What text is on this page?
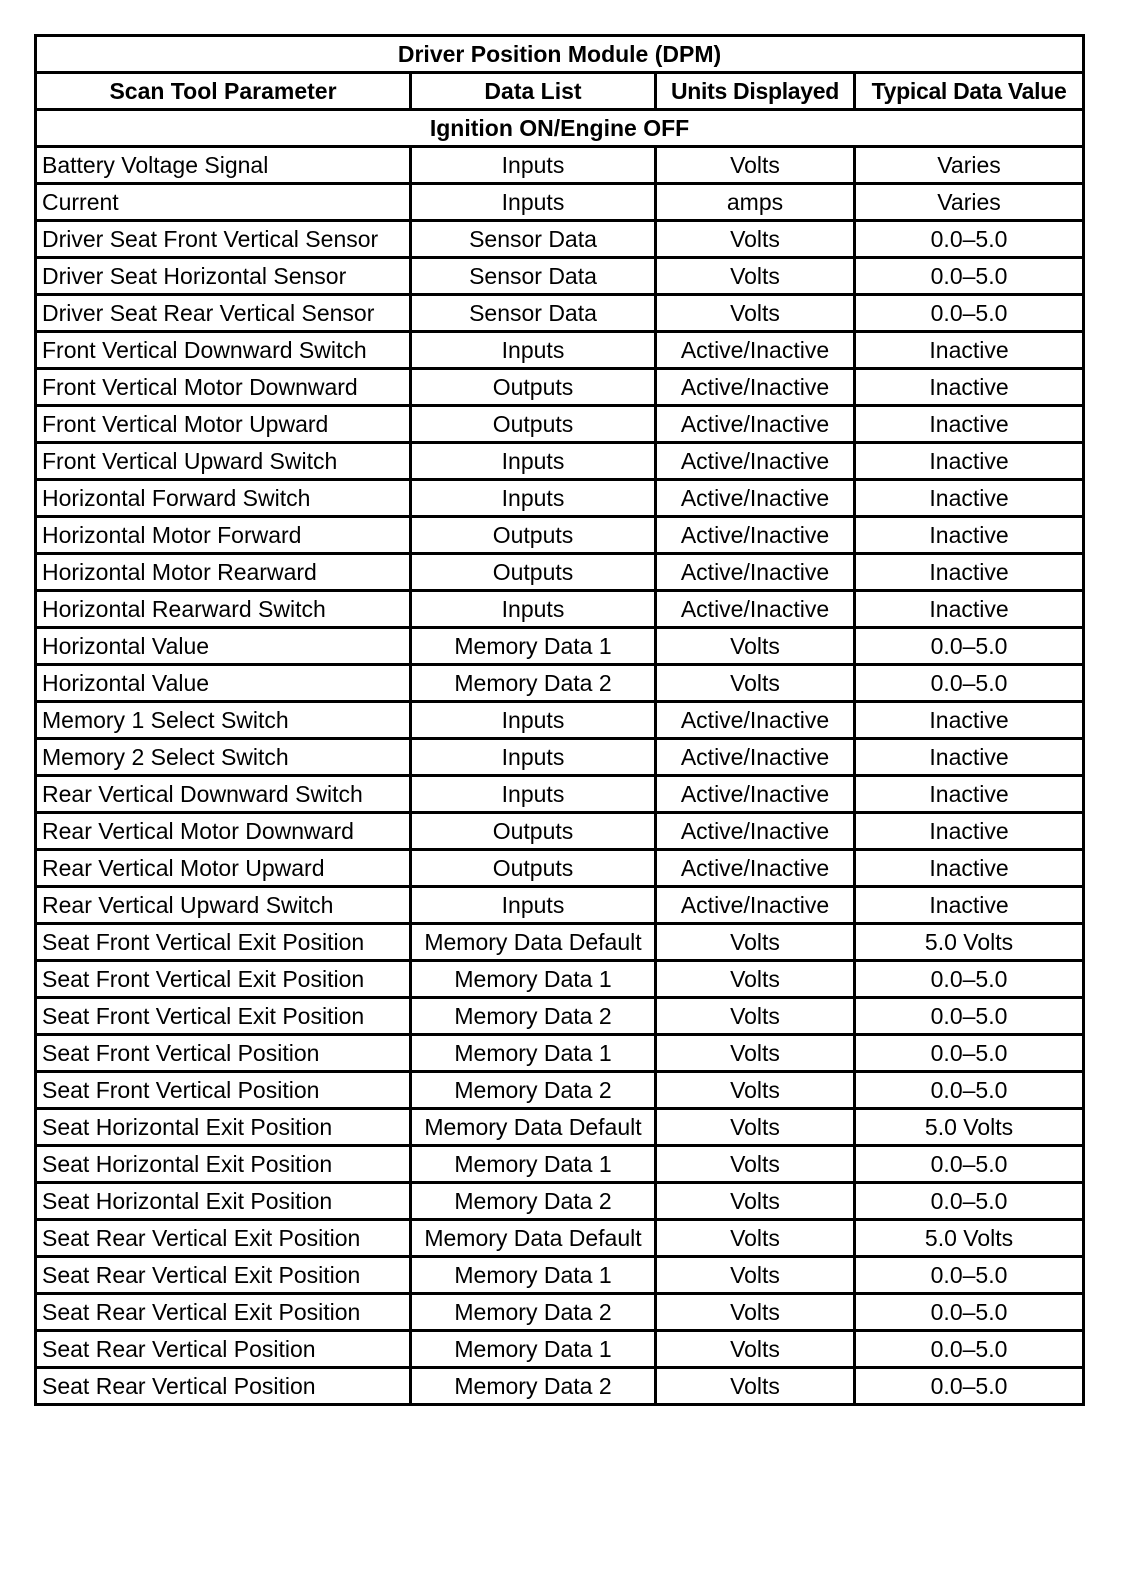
Driver Position Module (DPM)			
Scan Tool Parameter	Data List	Units Displayed	Typical Data Value
Ignition ON/Engine OFF			
Battery Voltage Signal	Inputs	Volts	Varies
Current	Inputs	amps	Varies
Driver Seat Front Vertical Sensor	Sensor Data	Volts	0.0–5.0
Driver Seat Horizontal Sensor	Sensor Data	Volts	0.0–5.0
Driver Seat Rear Vertical Sensor	Sensor Data	Volts	0.0–5.0
Front Vertical Downward Switch	Inputs	Active/Inactive	Inactive
Front Vertical Motor Downward	Outputs	Active/Inactive	Inactive
Front Vertical Motor Upward	Outputs	Active/Inactive	Inactive
Front Vertical Upward Switch	Inputs	Active/Inactive	Inactive
Horizontal Forward Switch	Inputs	Active/Inactive	Inactive
Horizontal Motor Forward	Outputs	Active/Inactive	Inactive
Horizontal Motor Rearward	Outputs	Active/Inactive	Inactive
Horizontal Rearward Switch	Inputs	Active/Inactive	Inactive
Horizontal Value	Memory Data 1	Volts	0.0–5.0
Horizontal Value	Memory Data 2	Volts	0.0–5.0
Memory 1 Select Switch	Inputs	Active/Inactive	Inactive
Memory 2 Select Switch	Inputs	Active/Inactive	Inactive
Rear Vertical Downward Switch	Inputs	Active/Inactive	Inactive
Rear Vertical Motor Downward	Outputs	Active/Inactive	Inactive
Rear Vertical Motor Upward	Outputs	Active/Inactive	Inactive
Rear Vertical Upward Switch	Inputs	Active/Inactive	Inactive
Seat Front Vertical Exit Position	Memory Data Default	Volts	5.0 Volts
Seat Front Vertical Exit Position	Memory Data 1	Volts	0.0–5.0
Seat Front Vertical Exit Position	Memory Data 2	Volts	0.0–5.0
Seat Front Vertical Position	Memory Data 1	Volts	0.0–5.0
Seat Front Vertical Position	Memory Data 2	Volts	0.0–5.0
Seat Horizontal Exit Position	Memory Data Default	Volts	5.0 Volts
Seat Horizontal Exit Position	Memory Data 1	Volts	0.0–5.0
Seat Horizontal Exit Position	Memory Data 2	Volts	0.0–5.0
Seat Rear Vertical Exit Position	Memory Data Default	Volts	5.0 Volts
Seat Rear Vertical Exit Position	Memory Data 1	Volts	0.0–5.0
Seat Rear Vertical Exit Position	Memory Data 2	Volts	0.0–5.0
Seat Rear Vertical Position	Memory Data 1	Volts	0.0–5.0
Seat Rear Vertical Position	Memory Data 2	Volts	0.0–5.0
